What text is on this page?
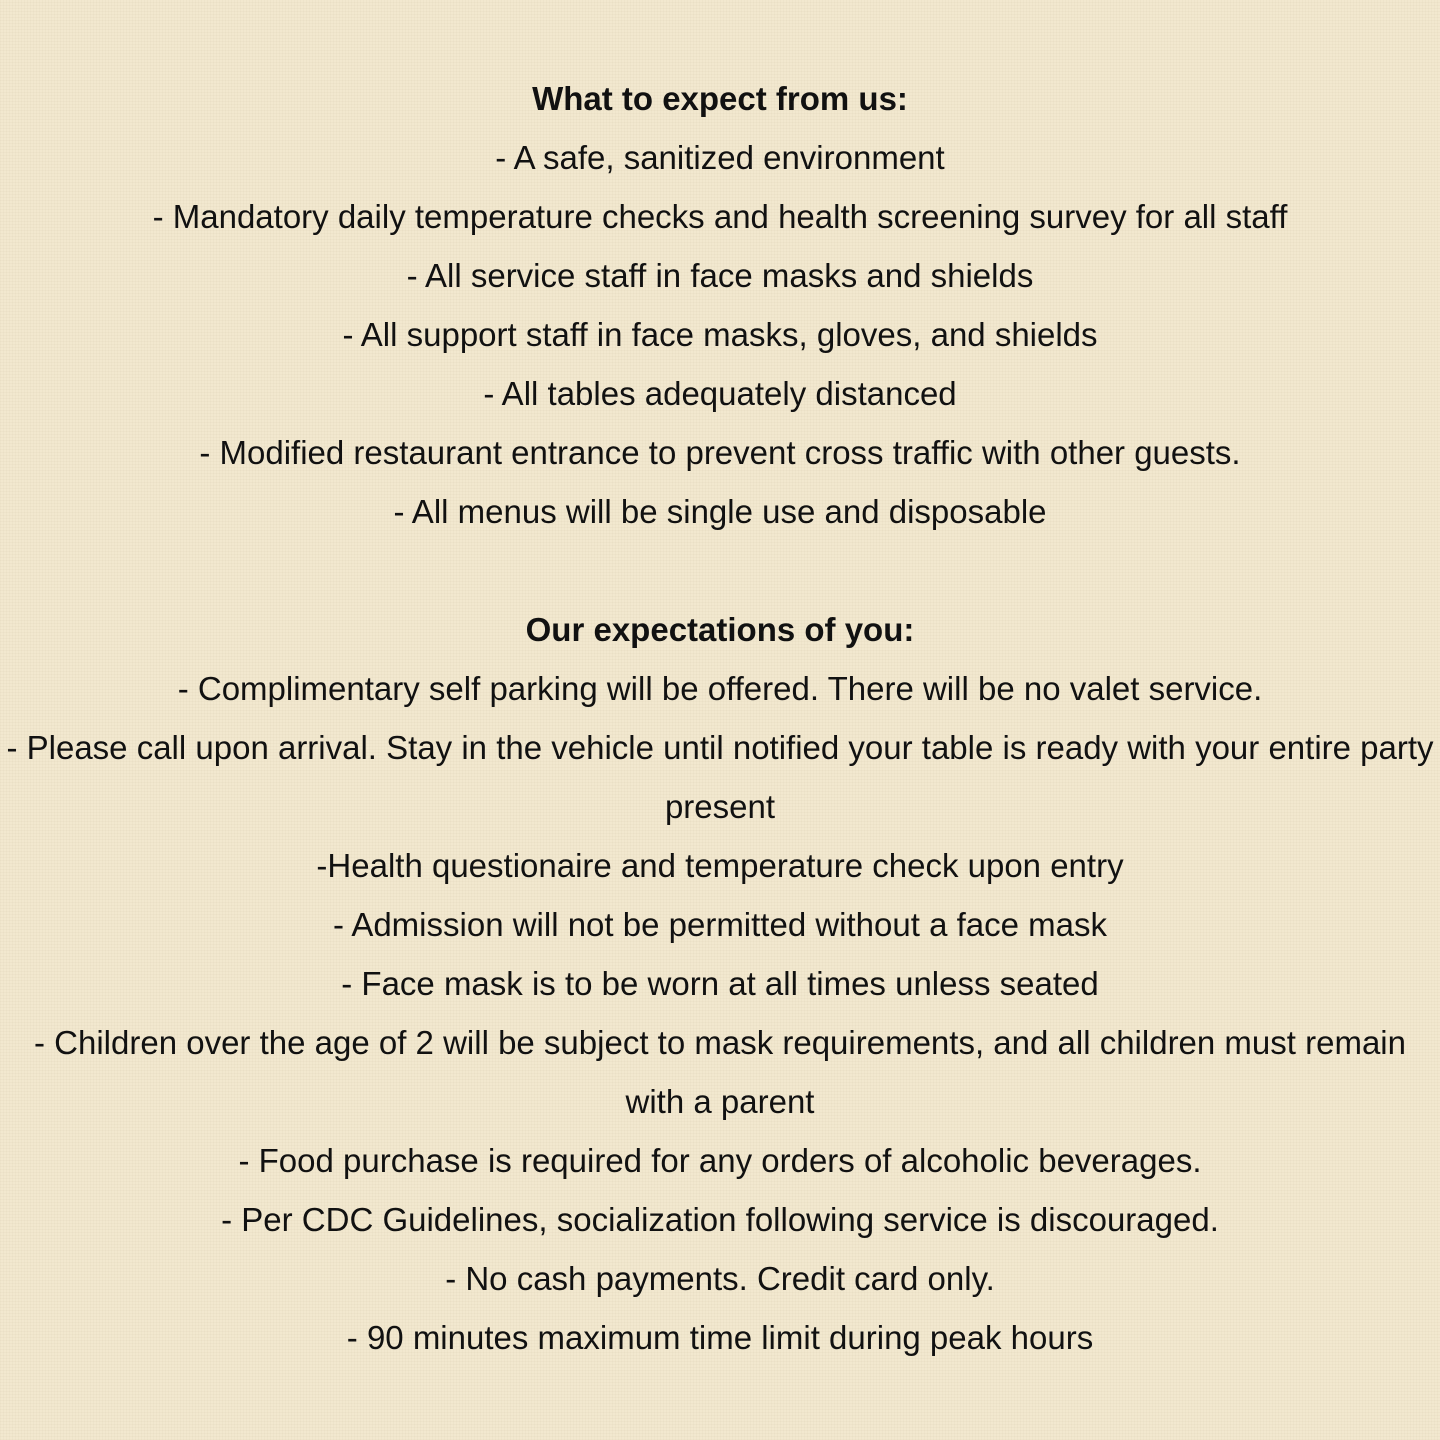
What to expect from us:

- A safe, sanitized environment

- Mandatory daily temperature checks and health screening survey for all staff

- All service staff in face masks and shields

- All support staff in face masks, gloves, and shields

- All tables adequately distanced

- Modified restaurant entrance to prevent cross traffic with other guests.

- All menus will be single use and disposable

Our expectations of you:

- Complimentary self parking will be offered. There will be no valet service.

- Please call upon arrival. Stay in the vehicle until notified your table is ready with your entire party present

-Health questionaire and temperature check upon entry

- Admission will not be permitted without a face mask

- Face mask is to be worn at all times unless seated

- Children over the age of 2 will be subject to mask requirements, and all children must remain with a parent

- Food purchase is required for any orders of alcoholic beverages.

- Per CDC Guidelines, socialization following service is discouraged.

- No cash payments. Credit card only.

- 90 minutes maximum time limit during peak hours
